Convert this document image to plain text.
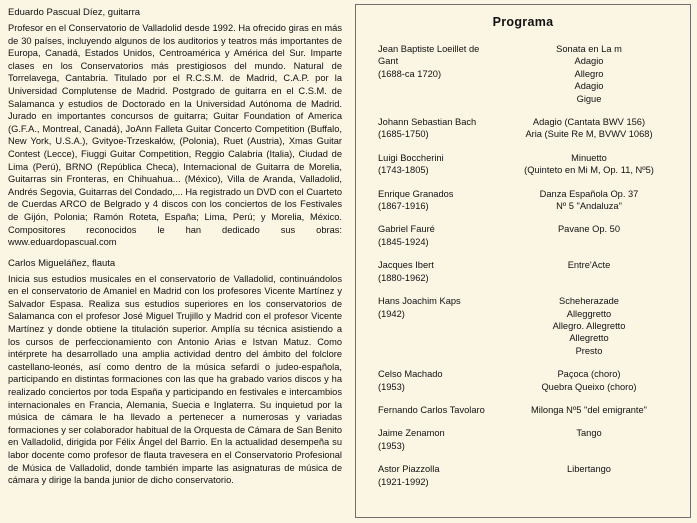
Eduardo Pascual Díez, guitarra

Profesor en el Conservatorio de Valladolid desde 1992. Ha ofrecido giras en más de 30 países, incluyendo algunos de los auditorios y teatros más importantes de Europa, Canadá, Estados Unidos, Centroamérica y América del Sur. Imparte clases en los Conservatorios más prestigiosos del mundo. Natural de Torrelavega, Cantabria. Titulado por el R.C.S.M. de Madrid, C.A.P. por la Universidad Complutense de Madrid. Postgrado de guitarra en el C.S.M. de Salamanca y estudios de Doctorado en la Universidad Autónoma de Madrid. Jurado en importantes concursos de guitarra; Guitar Foundation of America (G.F.A., Montreal, Canadá), JoAnn Falleta Guitar Concerto Competition (Buffalo, New York, U.S.A.), Gvityoe-Trzeskałów, (Polonia), Ruet (Austria), Xmas Guitar Contest (Lecce), Fiuggi Guitar Competition, Reggio Calabria (Italia), Ciudad de Lima (Perú), BRNO (República Checa), Internacional de Guitarra de Morelia, Guitarras sin Fronteras, en Chihuahua... (México), Villa de Aranda, Valladolid, Andrés Segovia, Guitarras del Condado,... Ha registrado un DVD con el Cuarteto de Cuerdas ARCO de Belgrado y 4 discos con los conciertos de los Festivales de Gijón, Polonia; Ramón Roteta, España; Lima, Perú; y Morelia, México. Compositores reconocidos le han dedicado sus obras: www.eduardopascual.com

Carlos Migueláñez, flauta

Inicia sus estudios musicales en el conservatorio de Valladolid, continuándolos en el conservatorio de Amaniel en Madrid con los profesores Vicente Martínez y Salvador Espasa. Realiza sus estudios superiores en los conservatorios de Salamanca con el profesor José Miguel Trujillo y Madrid con el profesor Vicente Martínez y donde obtiene la titulación superior. Amplía su técnica asistiendo a los cursos de perfeccionamiento con Antonio Arias e Istvan Matuz. Como intérprete ha desarrollado una amplia actividad dentro del ámbito del folclore castellano-leonés, así como dentro de la música sefardí o judeo-española, participando en distintas formaciones con las que ha grabado varios discos y ha realizado conciertos por toda España y participando en festivales e intercambios internacionales en Francia, Alemania, Suecia e Inglaterra. Su inquietud por la música de cámara le ha llevado a pertenecer a numerosas y variadas formaciones y ser colaborador habitual de la Orquesta de Cámara de San Benito en Valladolid, dirigida por Félix Ángel del Barrio. En la actualidad desempeña su labor docente como profesor de flauta travesera en el Conservatorio Profesional de Música de Valladolid, donde también imparte las asignaturas de música de cámara y dirige la banda junior de dicho conservatorio.

Programa
Jean Baptiste Loeillet de Gant
(1688-ca 1720)
Sonata en La m
Adagio
Allegro
Adagio
Gigue
Johann Sebastian Bach
(1685-1750)
Adagio (Cantata BWV 156)
Aria (Suite Re M, BVWV 1068)
Luigi Boccherini
(1743-1805)
Minuetto
(Quinteto en Mi M, Op. 11, Nº5)
Enrique Granados
(1867-1916)
Danza Española Op. 37
Nº 5 "Andaluza"
Gabriel Fauré
(1845-1924)
Pavane Op. 50
Jacques Ibert
(1880-1962)
Entre'Acte
Hans Joachim Kaps
(1942)
Scheherazade
Alleggretto
Allegro. Allegretto
Allegretto
Presto
Celso Machado
(1953)
Paçoca (choro)
Quebra Queixo (choro)
Fernando Carlos Tavolaro	Milonga Nº5 "del emigrante"
Jaime Zenamon
(1953)
Tango
Astor Piazzolla
(1921-1992)
Libertango
